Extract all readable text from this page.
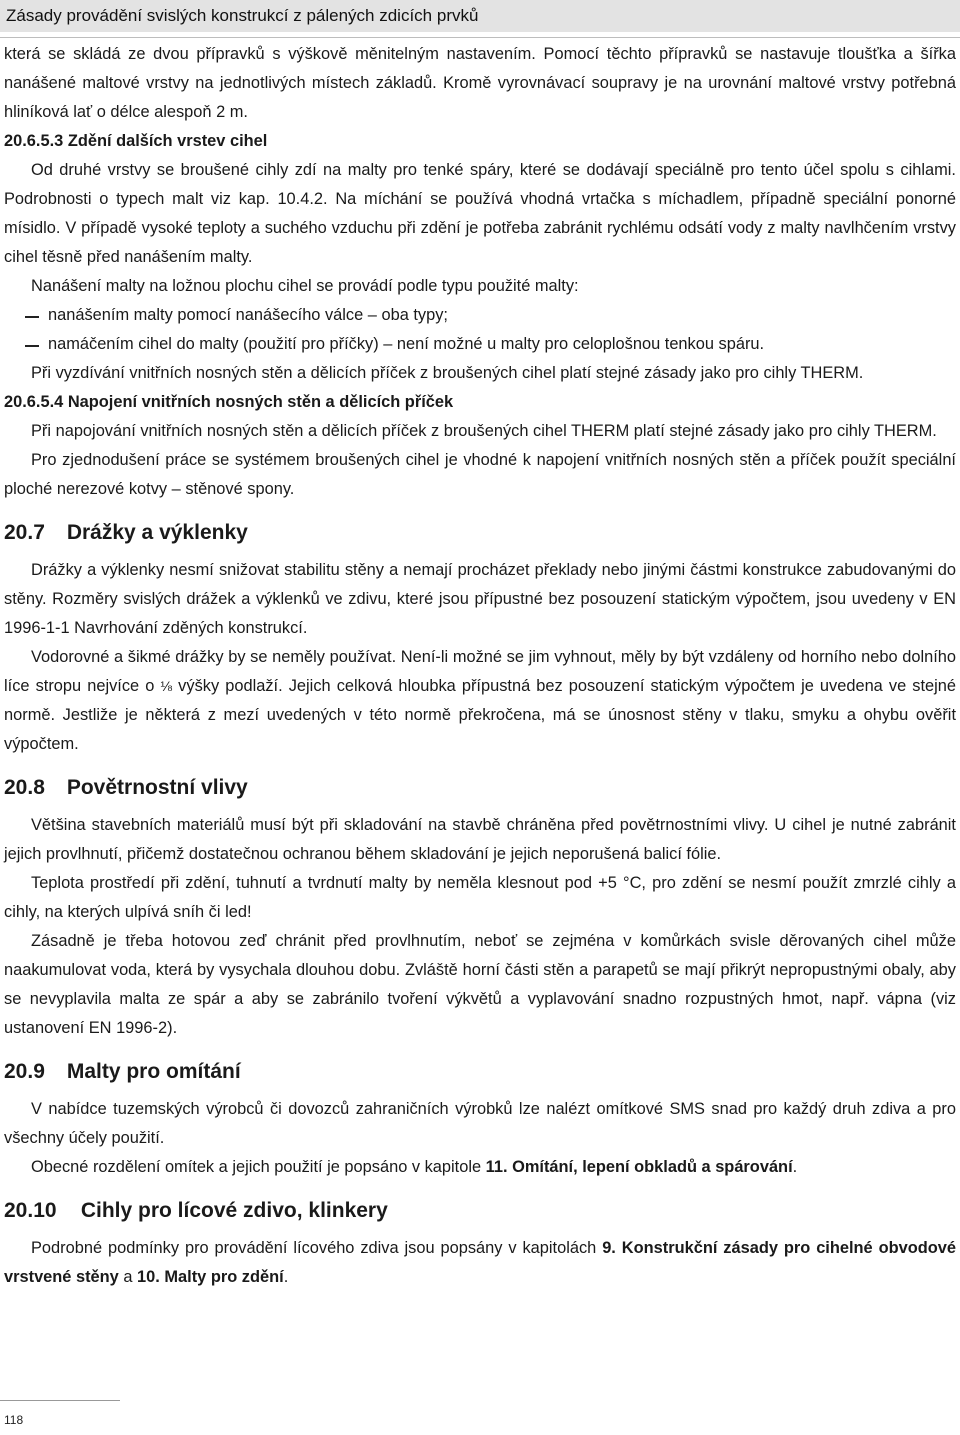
Zásady provádění svislých konstrukcí z pálených zdicích prvků

která se skládá ze dvou přípravků s výškově měnitelným nastavením. Pomocí těchto přípravků se nastavuje tloušťka a šířka nanášené maltové vrstvy na jednotlivých místech základů. Kromě vyrovnávací soupravy je na urovnání maltové vrstvy potřebná hliníková lať o délce alespoň 2 m.

20.6.5.3 Zdění dalších vrstev cihel

Od druhé vrstvy se broušené cihly zdí na malty pro tenké spáry, které se dodávají speciálně pro tento účel spolu s cihlami. Podrobnosti o typech malt viz kap. 10.4.2. Na míchání se používá vhodná vrtačka s míchadlem, případně speciální ponorné mísidlo. V případě vysoké teploty a suchého vzduchu při zdění je potřeba zabránit rychlému odsátí vody z malty navlhčením vrstvy cihel těsně před nanášením malty.

Nanášení malty na ložnou plochu cihel se provádí podle typu použité malty:

nanášením malty pomocí nanášecího válce – oba typy;

namáčením cihel do malty (použití pro příčky) – není možné u malty pro celoplošnou tenkou spáru.

Při vyzdívání vnitřních nosných stěn a dělicích příček z broušených cihel platí stejné zásady jako pro cihly THERM.

20.6.5.4 Napojení vnitřních nosných stěn a dělicích příček

Při napojování vnitřních nosných stěn a dělicích příček z broušených cihel THERM platí stejné zásady jako pro cihly THERM.

Pro zjednodušení práce se systémem broušených cihel je vhodné k napojení vnitřních nosných stěn a příček použít speciální ploché nerezové kotvy – stěnové spony.

20.7 Drážky a výklenky

Drážky a výklenky nesmí snižovat stabilitu stěny a nemají procházet překlady nebo jinými částmi konstrukce zabudovanými do stěny. Rozměry svislých drážek a výklenků ve zdivu, které jsou přípustné bez posouzení statickým výpočtem, jsou uvedeny v EN 1996-1-1 Navrhování zděných konstrukcí.

Vodorovné a šikmé drážky by se neměly používat. Není-li možné se jim vyhnout, měly by být vzdáleny od horního nebo dolního líce stropu nejvíce o ⅛ výšky podlaží. Jejich celková hloubka přípustná bez posouzení statickým výpočtem je uvedena ve stejné normě. Jestliže je některá z mezí uvedených v této normě překročena, má se únosnost stěny v tlaku, smyku a ohybu ověřit výpočtem.

20.8 Povětrnostní vlivy

Většina stavebních materiálů musí být při skladování na stavbě chráněna před povětrnostními vlivy. U cihel je nutné zabránit jejich provlhnutí, přičemž dostatečnou ochranou během skladování je jejich neporušená balicí fólie.

Teplota prostředí při zdění, tuhnutí a tvrdnutí malty by neměla klesnout pod +5 °C, pro zdění se nesmí použít zmrzlé cihly a cihly, na kterých ulpívá sníh či led!

Zásadně je třeba hotovou zeď chránit před provlhnutím, neboť se zejména v komůrkách svisle děrovaných cihel může naakumulovat voda, která by vysychala dlouhou dobu. Zvláště horní části stěn a parapetů se mají přikrýt nepropustnými obaly, aby se nevyplavila malta ze spár a aby se zabránilo tvoření výkvětů a vyplavování snadno rozpustných hmot, např. vápna (viz ustanovení EN 1996-2).

20.9 Malty pro omítání

V nabídce tuzemských výrobců či dovozců zahraničních výrobků lze nalézt omítkové SMS snad pro každý druh zdiva a pro všechny účely použití.

Obecné rozdělení omítek a jejich použití je popsáno v kapitole 11. Omítání, lepení obkladů a spárování.

20.10 Cihly pro lícové zdivo, klinkery

Podrobné podmínky pro provádění lícového zdiva jsou popsány v kapitolách 9. Konstrukční zásady pro cihelné obvodové vrstvené stěny a 10. Malty pro zdění.

118
